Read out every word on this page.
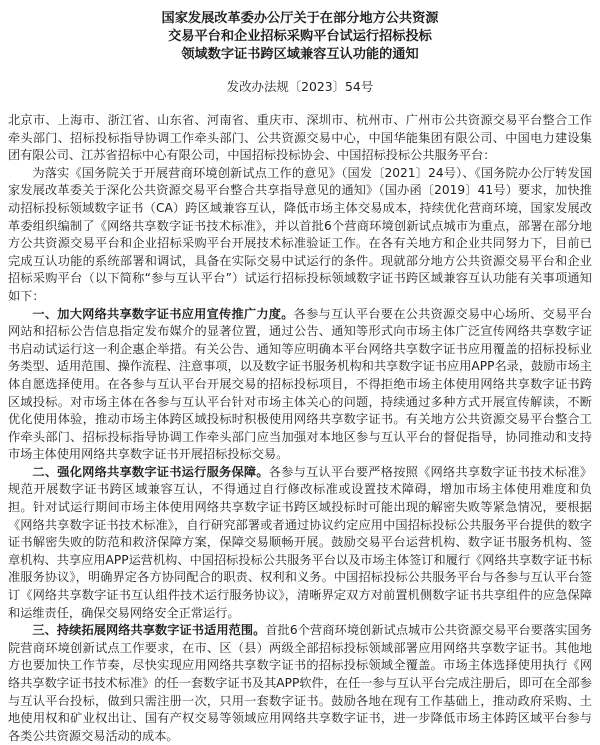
国家发展改革委办公厅关于在部分地方公共资源
交易平台和企业招标采购平台试运行招标投标
领域数字证书跨区域兼容互认功能的通知
发改办法规〔2023〕54号
北京市、上海市、浙江省、山东省、河南省、重庆市、深圳市、杭州市、广州市公共资源交易平台整合工作牵头部门、招标投标指导协调工作牵头部门、公共资源交易中心，中国华能集团有限公司、中国电力建设集团有限公司、江苏省招标中心有限公司，中国招标投标协会、中国招标投标公共服务平台：

为落实《国务院关于开展营商环境创新试点工作的意见》（国发〔2021〕24号）、《国务院办公厅转发国家发展改革委关于深化公共资源交易平台整合共享指导意见的通知》（国办函〔2019〕41号）要求，加快推动招标投标领域数字证书（CA）跨区域兼容互认，降低市场主体交易成本，持续优化营商环境，国家发展改革委组织编制了《网络共享数字证书技术标准》，并以首批6个营商环境创新试点城市为重点，部署在部分地方公共资源交易平台和企业招标采购平台开展技术标准验证工作。在各有关地方和企业共同努力下，目前已完成互认功能的系统部署和调试，具备在实际交易中试运行的条件。现就部分地方公共资源交易平台和企业招标采购平台（以下简称“参与互认平台”）试运行招标投标领域数字证书跨区域兼容互认功能有关事项通知如下：

一、加大网络共享数字证书应用宣传推广力度。各参与互认平台要在公共资源交易中心场所、交易平台网站和招标公告信息指定发布媒介的显著位置，通过公告、通知等形式向市场主体广泛宣传网络共享数字证书启动试运行这一利企惠企举措。有关公告、通知等应明确本平台网络共享数字证书应用覆盖的招标投标业务类型、适用范围、操作流程、注意事项，以及数字证书服务机构和共享数字证书应用APP名录，鼓励市场主体自愿选择使用。在各参与互认平台开展交易的招标投标项目，不得拒绝市场主体使用网络共享数字证书跨区域投标。对市场主体在各参与互认平台针对市场主体关心的问题，持续通过多种方式开展宣传解读，不断优化使用体验，推动市场主体跨区域投标时积极使用网络共享数字证书。有关地方公共资源交易平台整合工作牵头部门、招标投标指导协调工作牵头部门应当加强对本地区参与互认平台的督促指导，协同推动和支持市场主体使用网络共享数字证书开展招标投标交易。

二、强化网络共享数字证书运行服务保障。各参与互认平台要严格按照《网络共享数字证书技术标准》规范开展数字证书跨区域兼容互认，不得通过自行修改标准或设置技术障碍，增加市场主体使用难度和负担。针对试运行期间市场主体使用网络共享数字证书跨区域投标时可能出现的解密失败等紧急情况，要根据《网络共享数字证书技术标准》，自行研究部署或者通过协议约定应用中国招标投标公共服务平台提供的数字证书解密失败的防范和救济保障方案，保障交易顺畅开展。鼓励交易平台运营机构、数字证书服务机构、签章机构、共享应用APP运营机构、中国招标投标公共服务平台以及市场主体签订和履行《网络共享数字证书标准服务协议》，明确界定各方协同配合的职责、权利和义务。中国招标投标公共服务平台与各参与互认平台签订《网络共享数字证书互认组件技术运行服务协议》，清晰界定双方对前置机侧数字证书共享组件的应急保障和运维责任，确保交易网络安全正常运行。

三、持续拓展网络共享数字证书适用范围。首批6个营商环境创新试点城市公共资源交易平台要落实国务院营商环境创新试点工作要求，在市、区（县）两级全部招标投标领域部署应用网络共享数字证书。其他地方也要加快工作节奏，尽快实现应用网络共享数字证书的招标投标领域全覆盖。市场主体选择使用执行《网络共享数字证书技术标准》的任一套数字证书及其APP软件，在任一参与互认平台完成注册后，即可在全部参与互认平台投标，做到只需注册一次，只用一套数字证书。鼓励各地在现有工作基础上，推动政府采购、土地使用权和矿业权出让、国有产权交易等领域应用网络共享数字证书，进一步降低市场主体跨区域平台参与各类公共资源交易活动的成本。
